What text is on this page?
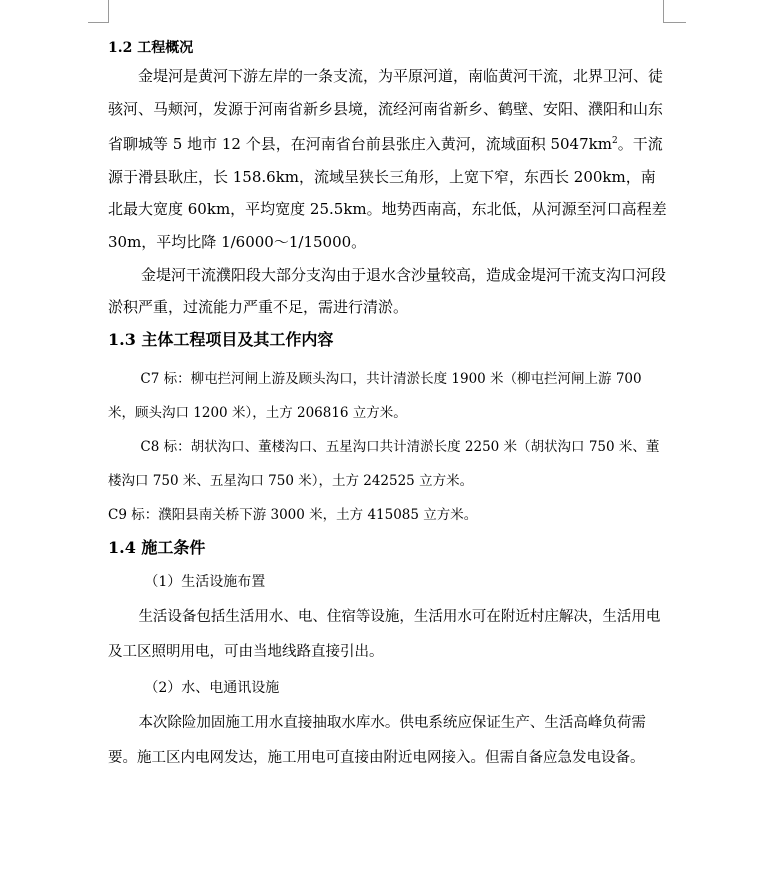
1.2 工程概况

金堤河是黄河下游左岸的一条支流，为平原河道，南临黄河干流，北界卫河、徒骇河、马颊河，发源于河南省新乡县境，流经河南省新乡、鹤壁、安阳、濮阳和山东省聊城等 5 地市 12 个县，在河南省台前县张庄入黄河，流域面积 $5047km^2$。干流源于滑县耿庄，长 158.6km，流域呈狭长三角形，上宽下窄，东西长 200km，南北最大宽度 60km，平均宽度 25.5km。地势西南高，东北低，从河源至河口高程差 30m，平均比降 1/6000～1/15000。

金堤河干流濮阳段大部分支沟由于退水含沙量较高，造成金堤河干流支沟口河段淤积严重，过流能力严重不足，需进行清淤。

1.3 主体工程项目及其工作内容

C7 标：柳屯拦河闸上游及顾头沟口，共计清淤长度 1900 米（柳屯拦河闸上游 700 米，顾头沟口 1200 米），土方 206816 立方米。

C8 标：胡状沟口、董楼沟口、五星沟口共计清淤长度 2250 米（胡状沟口 750 米、董楼沟口 750 米、五星沟口 750 米），土方 242525 立方米。

C9 标：濮阳县南关桥下游 3000 米，土方 415085 立方米。

1.4 施工条件

（1）生活设施布置

生活设备包括生活用水、电、住宿等设施，生活用水可在附近村庄解决，生活用电及工区照明用电，可由当地线路直接引出。

（2）水、电通讯设施

本次除险加固施工用水直接抽取水库水。供电系统应保证生产、生活高峰负荷需要。施工区内电网发达，施工用电可直接由附近电网接入。但需自备应急发电设备。
